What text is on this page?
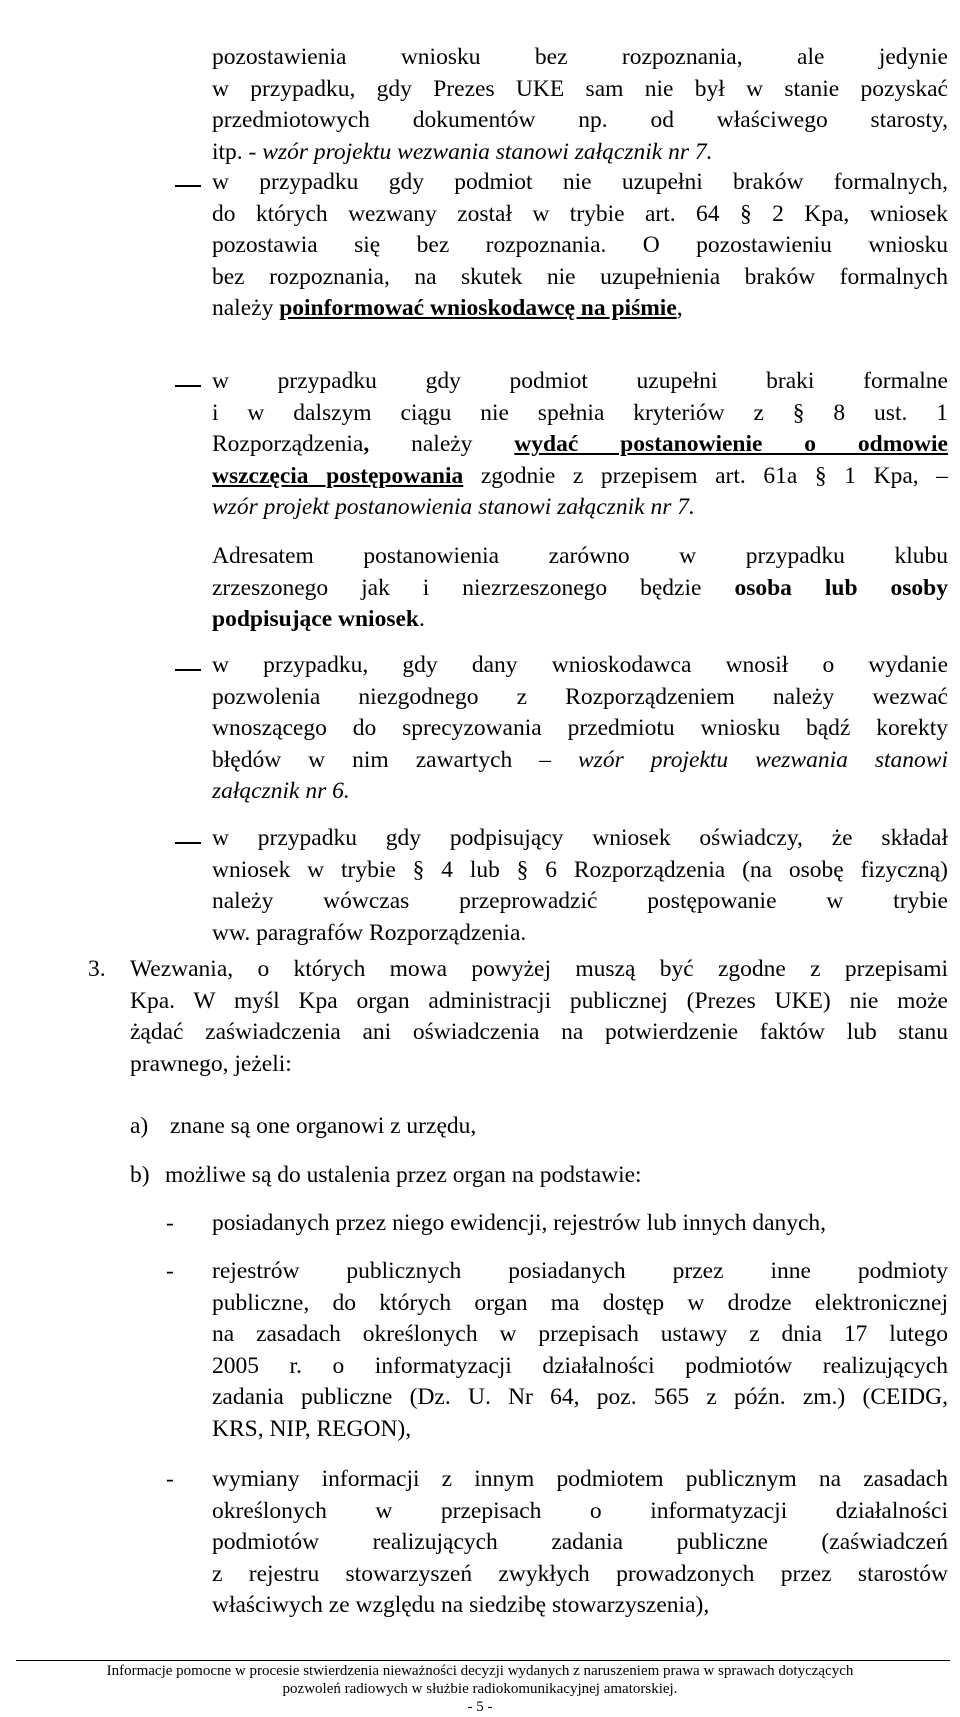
pozostawienia wniosku bez rozpoznania, ale jedynie
w przypadku, gdy Prezes UKE sam nie był w stanie pozyskać
przedmiotowych dokumentów np. od właściwego starosty,
itp. - wzór projektu wezwania stanowi załącznik nr 7.
w przypadku gdy podmiot nie uzupełni braków formalnych,
do których wezwany został w trybie art. 64 § 2 Kpa, wniosek
pozostawia się bez rozpoznania. O pozostawieniu wniosku
bez rozpoznania, na skutek nie uzupełnienia braków formalnych
należy poinformować wnioskodawcę na piśmie,
w przypadku gdy podmiot uzupełni braki formalne
i w dalszym ciągu nie spełnia kryteriów z § 8 ust. 1
Rozporządzenia, należy wydać postanowienie o odmowie
wszczęcia postępowania zgodnie z przepisem art. 61a § 1 Kpa, –
wzór projekt postanowienia stanowi załącznik nr 7.
Adresatem postanowienia zarówno w przypadku klubu
zrzeszonego jak i niezrzeszonego będzie osoba lub osoby
podpisujące wniosek.
w przypadku, gdy dany wnioskodawca wnosił o wydanie
pozwolenia niezgodnego z Rozporządzeniem należy wezwać
wnoszącego do sprecyzowania przedmiotu wniosku bądź korekty
błędów w nim zawartych – wzór projektu wezwania stanowi
załącznik nr 6.
w przypadku gdy podpisujący wniosek oświadczy, że składał
wniosek w trybie § 4 lub § 6 Rozporządzenia (na osobę fizyczną)
należy wówczas przeprowadzić postępowanie w trybie
ww. paragrafów Rozporządzenia.
3. Wezwania, o których mowa powyżej muszą być zgodne z przepisami
Kpa. W myśl Kpa organ administracji publicznej (Prezes UKE) nie może
żądać zaświadczenia ani oświadczenia na potwierdzenie faktów lub stanu
prawnego, jeżeli:
a) znane są one organowi z urzędu,
b) możliwe są do ustalenia przez organ na podstawie:
- posiadanych przez niego ewidencji, rejestrów lub innych danych,
- rejestrów publicznych posiadanych przez inne podmioty
publiczne, do których organ ma dostęp w drodze elektronicznej
na zasadach określonych w przepisach ustawy z dnia 17 lutego
2005 r. o informatyzacji działalności podmiotów realizujących
zadania publiczne (Dz. U. Nr 64, poz. 565 z późn. zm.) (CEIDG,
KRS, NIP, REGON),
- wymiany informacji z innym podmiotem publicznym na zasadach
określonych w przepisach o informatyzacji działalności
podmiotów realizujących zadania publiczne (zaświadczeń
z rejestru stowarzyszeń zwykłych prowadzonych przez starostów
właściwych ze względu na siedzibę stowarzyszenia),
Informacje pomocne w procesie stwierdzenia nieważności decyzji wydanych z naruszeniem prawa w sprawach dotyczących
pozwoleń radiowych w służbie radiokomunikacyjnej amatorskiej.
- 5 -
